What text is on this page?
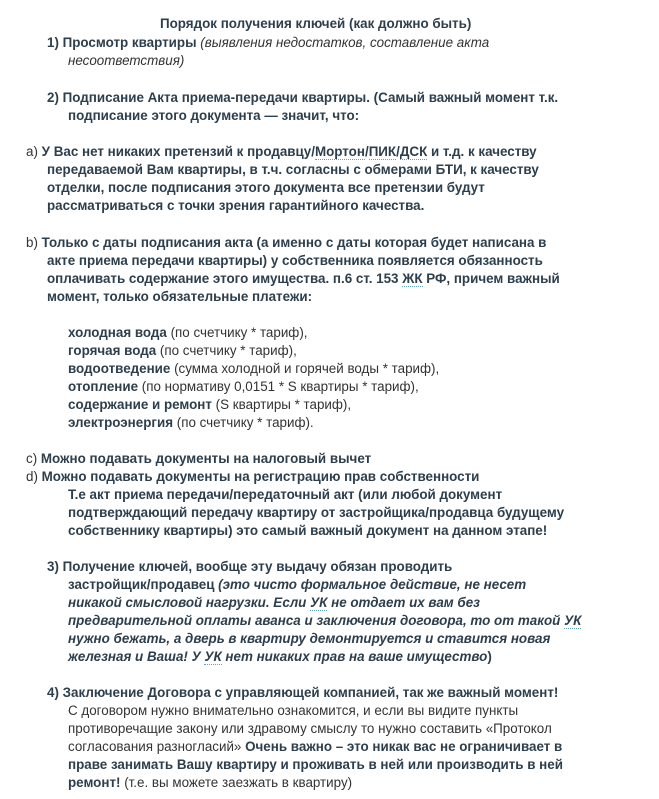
Порядок получения ключей (как должно быть)
1) Просмотр квартиры (выявления недостатков, составление акта
несоответствия)
2) Подписание Акта приема-передачи квартиры. (Самый важный момент т.к.
подписание этого документа — значит, что:
a) У Вас нет никаких претензий к продавцу/Мортон/ПИК/ДСК и т.д. к качеству
передаваемой Вам квартиры, в т.ч. согласны с обмерами БТИ, к качеству
отделки, после подписания этого документа все претензии будут
рассматриваться с точки зрения гарантийного качества.
b) Только с даты подписания акта (а именно с даты которая будет написана в
акте приема передачи квартиры) у собственника появляется обязанность
оплачивать содержание этого имущества. п.6 ст. 153 ЖК РФ, причем важный
момент, только обязательные платежи:
холодная вода (по счетчику * тариф),
горячая вода (по счетчику * тариф),
водоотведение (сумма холодной и горячей воды * тариф),
отопление (по нормативу 0,0151 * S квартиры * тариф),
содержание и ремонт (S квартиры * тариф),
электроэнергия (по счетчику * тариф).
c) Можно подавать документы на налоговый вычет
d) Можно подавать документы на регистрацию прав собственности
Т.е акт приема передачи/передаточный акт (или любой документ
подтверждающий передачу квартиру от застройщика/продавца будущему
собственнику квартиры) это самый важный документ на данном этапе!
3) Получение ключей, вообще эту выдачу обязан проводить
застройщик/продавец (это чисто формальное действие, не несет
никакой смысловой нагрузки. Если УК не отдает их вам без
предварительной оплаты аванса и заключения договора, то от такой УК
нужно бежать, а дверь в квартиру демонтируется и ставится новая
железная и Ваша! У УК нет никаких прав на ваше имущество)
4) Заключение Договора с управляющей компанией, так же важный момент!
С договором нужно внимательно ознакомится, и если вы видите пункты
противоречащие закону или здравому смыслу то нужно составить «Протокол
согласования разногласий» Очень важно – это никак вас не ограничивает в
праве занимать Вашу квартиру и проживать в ней или производить в ней
ремонт! (т.е. вы можете заезжать в квартиру)
